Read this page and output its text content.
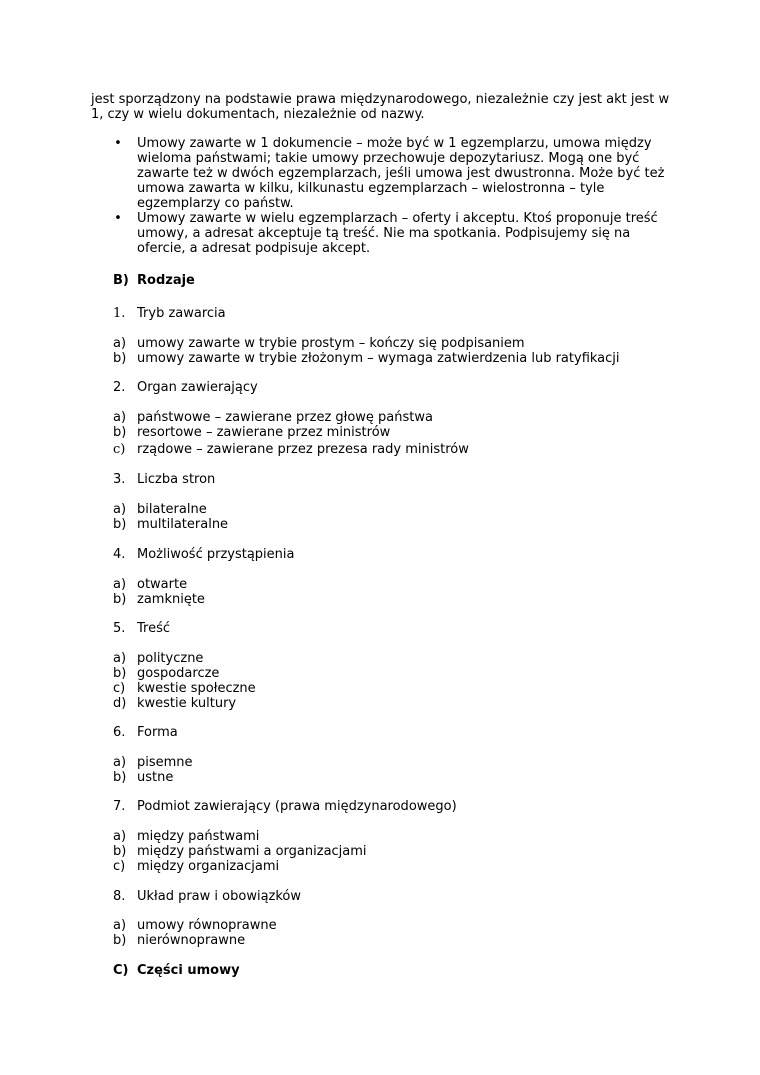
jest sporządzony na podstawie prawa międzynarodowego, niezależnie czy jest akt jest w 1, czy w wielu dokumentach, niezależnie od nazwy.

• Umowy zawarte w 1 dokumencie – może być w 1 egzemplarzu, umowa między wieloma państwami; takie umowy przechowuje depozytariusz. Mogą one być zawarte też w dwóch egzemplarzach, jeśli umowa jest dwustronna. Może być też umowa zawarta w kilku, kilkunastu egzemplarzach – wielostronna – tyle egzemplarzy co państw.
• Umowy zawarte w wielu egzemplarzach – oferty i akceptu. Ktoś proponuje treść umowy, a adresat akceptuje tą treść. Nie ma spotkania. Podpisujemy się na ofercie, a adresat podpisuje akcept.
B) Rodzaje
1. Tryb zawarcia
a) umowy zawarte w trybie prostym – kończy się podpisaniem
b) umowy zawarte w trybie złożonym – wymaga zatwierdzenia lub ratyfikacji
2. Organ zawierający
a) państwowe – zawierane przez głowę państwa
b) resortowe – zawierane przez ministrów
c) rządowe – zawierane przez prezesa rady ministrów
3. Liczba stron
a) bilateralne
b) multilateralne
4. Możliwość przystąpienia
a) otwarte
b) zamknięte
5. Treść
a) polityczne
b) gospodarcze
c) kwestie społeczne
d) kwestie kultury
6. Forma
a) pisemne
b) ustne
7. Podmiot zawierający (prawa międzynarodowego)
a) między państwami
b) między państwami a organizacjami
c) między organizacjami
8. Układ praw i obowiązków
a) umowy równoprawne
b) nierównoprawne
C) Części umowy
